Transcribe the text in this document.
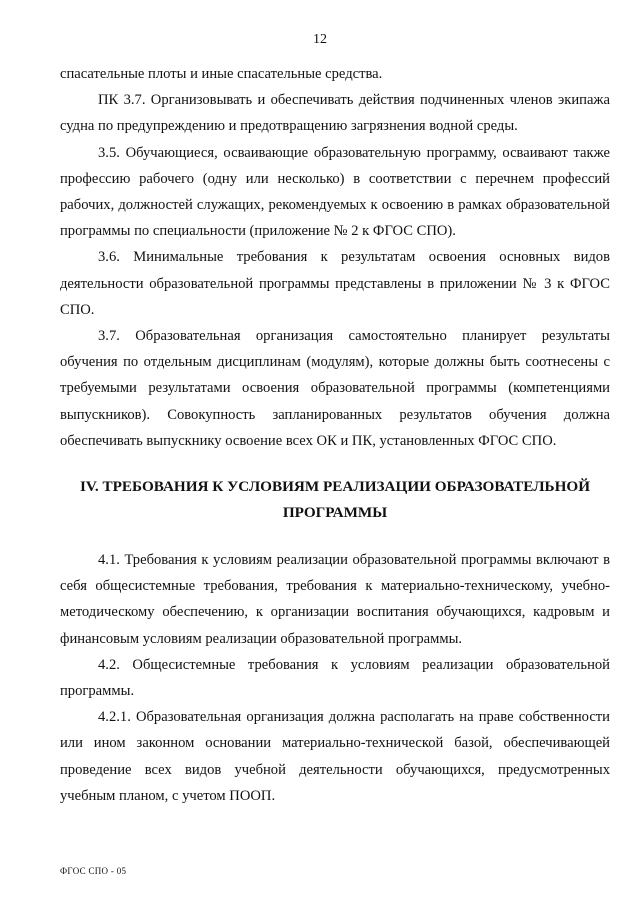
12

спасательные плоты и иные спасательные средства.

ПК 3.7. Организовывать и обеспечивать действия подчиненных членов экипажа судна по предупреждению и предотвращению загрязнения водной среды.

3.5. Обучающиеся, осваивающие образовательную программу, осваивают также профессию рабочего (одну или несколько) в соответствии с перечнем профессий рабочих, должностей служащих, рекомендуемых к освоению в рамках образовательной программы по специальности (приложение № 2 к ФГОС СПО).

3.6. Минимальные требования к результатам освоения основных видов деятельности образовательной программы представлены в приложении № 3 к ФГОС СПО.

3.7. Образовательная организация самостоятельно планирует результаты обучения по отдельным дисциплинам (модулям), которые должны быть соотнесены с требуемыми результатами освоения образовательной программы (компетенциями выпускников). Совокупность запланированных результатов обучения должна обеспечивать выпускнику освоение всех ОК и ПК, установленных ФГОС СПО.

IV. ТРЕБОВАНИЯ К УСЛОВИЯМ РЕАЛИЗАЦИИ ОБРАЗОВАТЕЛЬНОЙ
ПРОГРАММЫ

4.1. Требования к условиям реализации образовательной программы включают в себя общесистемные требования, требования к материально-техническому, учебно-методическому обеспечению, к организации воспитания обучающихся, кадровым и финансовым условиям реализации образовательной программы.

4.2. Общесистемные требования к условиям реализации образовательной программы.

4.2.1. Образовательная организация должна располагать на праве собственности или ином законном основании материально-технической базой, обеспечивающей проведение всех видов учебной деятельности обучающихся, предусмотренных учебным планом, с учетом ПООП.

ФГОС СПО - 05
